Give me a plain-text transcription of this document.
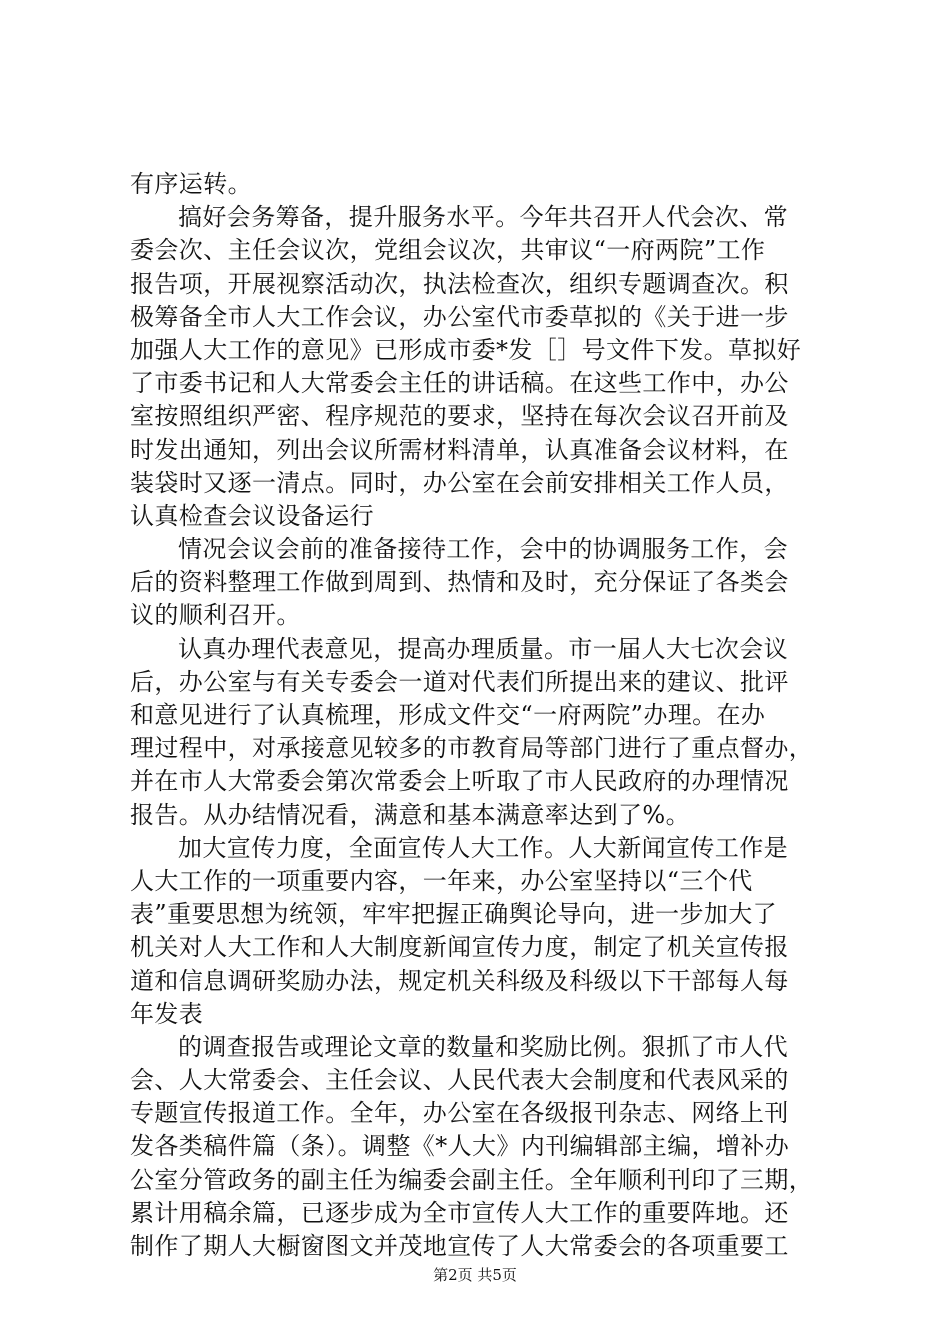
有序运转。
搞好会务筹备，提升服务水平。今年共召开人代会次、常
委会次、主任会议次，党组会议次，共审议“一府两院”工作
报告项，开展视察活动次，执法检查次，组织专题调查次。积
极筹备全市人大工作会议，办公室代市委草拟的《关于进一步
加强人大工作的意见》已形成市委*发［］号文件下发。草拟好
了市委书记和人大常委会主任的讲话稿。在这些工作中，办公
室按照组织严密、程序规范的要求，坚持在每次会议召开前及
时发出通知，列出会议所需材料清单，认真准备会议材料，在
装袋时又逐一清点。同时，办公室在会前安排相关工作人员，
认真检查会议设备运行
情况会议会前的准备接待工作，会中的协调服务工作，会
后的资料整理工作做到周到、热情和及时，充分保证了各类会
议的顺利召开。
认真办理代表意见，提高办理质量。市一届人大七次会议
后，办公室与有关专委会一道对代表们所提出来的建议、批评
和意见进行了认真梳理，形成文件交“一府两院”办理。在办
理过程中，对承接意见较多的市教育局等部门进行了重点督办，
并在市人大常委会第次常委会上听取了市人民政府的办理情况
报告。从办结情况看，满意和基本满意率达到了%。
加大宣传力度，全面宣传人大工作。人大新闻宣传工作是
人大工作的一项重要内容，一年来，办公室坚持以“三个代
表”重要思想为统领，牢牢把握正确舆论导向，进一步加大了
机关对人大工作和人大制度新闻宣传力度，制定了机关宣传报
道和信息调研奖励办法，规定机关科级及科级以下干部每人每
年发表
的调查报告或理论文章的数量和奖励比例。狠抓了市人代
会、人大常委会、主任会议、人民代表大会制度和代表风采的
专题宣传报道工作。全年，办公室在各级报刊杂志、网络上刊
发各类稿件篇（条）。调整《*人大》内刊编辑部主编，增补办
公室分管政务的副主任为编委会副主任。全年顺利刊印了三期，
累计用稿余篇，已逐步成为全市宣传人大工作的重要阵地。还
制作了期人大橱窗图文并茂地宣传了人大常委会的各项重要工
第2页 共5页
